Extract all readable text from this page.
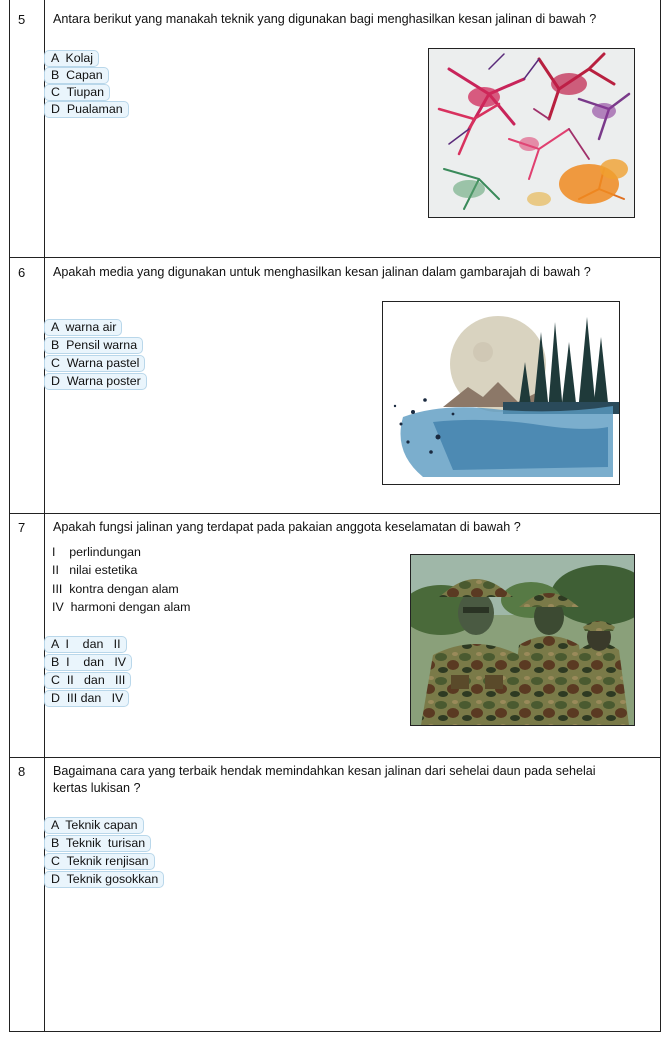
5 Antara berikut yang manakah teknik yang digunakan bagi menghasilkan kesan jalinan di bawah ?
A  Kolaj
B  Capan
C  Tiupan
D  Pualaman
6 Apakah media yang digunakan untuk menghasilkan kesan jalinan dalam gambarajah di bawah ?
A  warna air
B  Pensil warna
C  Warna pastel
D  Warna poster
7 Apakah fungsi jalinan yang terdapat pada pakaian anggota keselamatan di bawah ?
I    perlindungan
II   nilai estetika
III  kontra dengan alam
IV  harmoni dengan alam
A  I    dan   II
B  I    dan   IV
C  II   dan   III
D  III dan   IV
8 Bagaimana cara yang terbaik hendak memindahkan kesan jalinan dari sehelai daun pada sehelai
kertas lukisan ?
A  Teknik capan
B  Teknik  turisan
C  Teknik renjisan
D  Teknik gosokkan
